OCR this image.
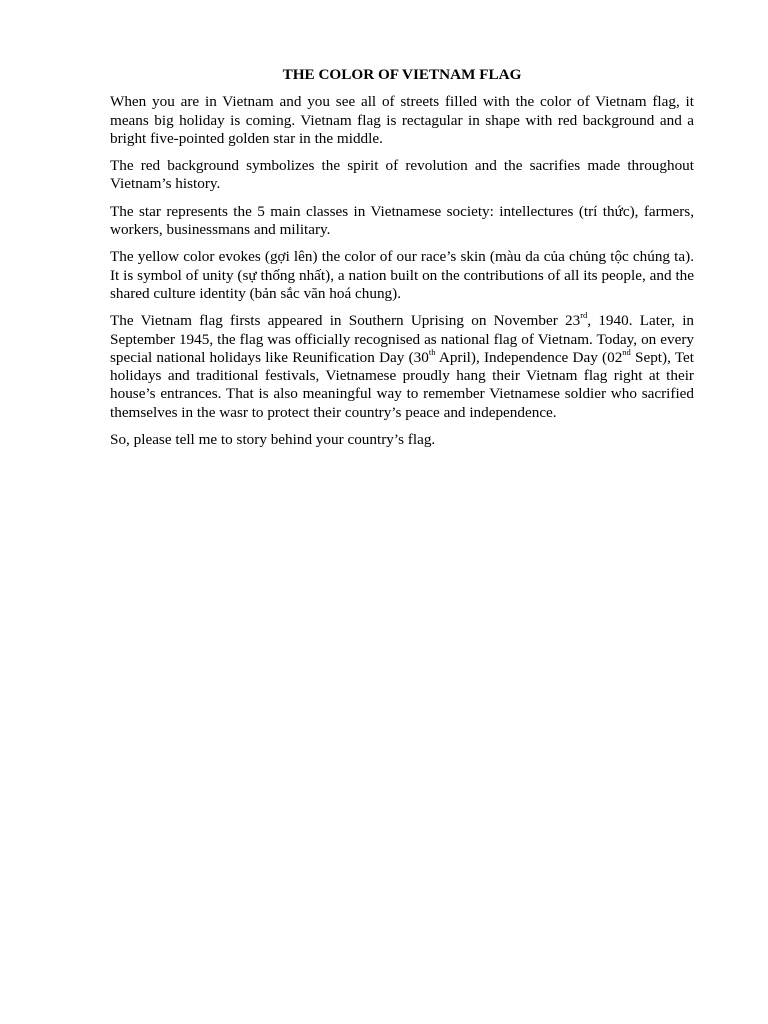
THE COLOR OF VIETNAM FLAG

When you are in Vietnam and you see all of streets filled with the color of Vietnam flag, it means big holiday is coming. Vietnam flag is rectagular in shape with red background and a bright five-pointed golden star in the middle.

The red background symbolizes the spirit of revolution and the sacrifies made throughout Vietnam’s history.

The star represents the 5 main classes in Vietnamese society: intellectures (trí thức), farmers, workers, businessmans and military.

The yellow color evokes (gợi lên) the color of our race’s skin (màu da của chủng tộc chúng ta). It is symbol of unity (sự thống nhất), a nation built on the contributions of all its people, and the shared culture identity (bản sắc văn hoá chung).

The Vietnam flag firsts appeared in Southern Uprising on November 23rd, 1940. Later, in September 1945, the flag was officially recognised as national flag of Vietnam. Today, on every special national holidays like Reunification Day (30th April), Independence Day (02nd Sept), Tet holidays and traditional festivals, Vietnamese proudly hang their Vietnam flag right at their house’s entrances. That is also meaningful way to remember Vietnamese soldier who sacrified themselves in the wasr to protect their country’s peace and independence.

So, please tell me to story behind your country’s flag.
